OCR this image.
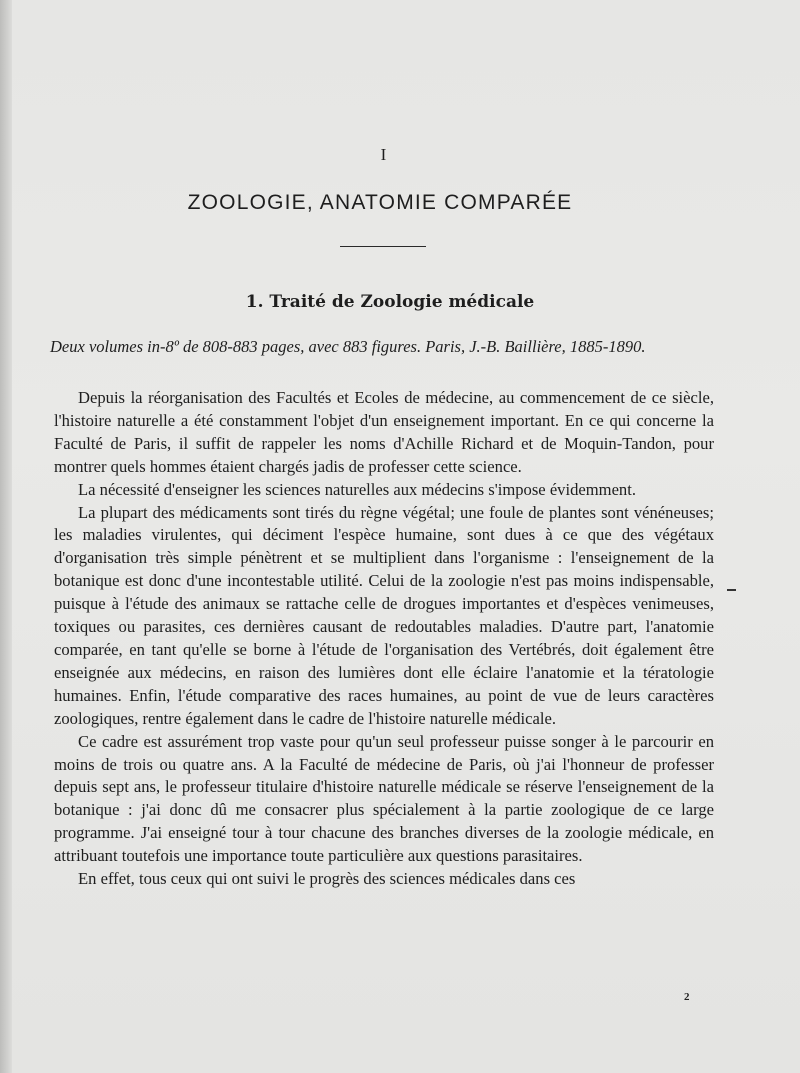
I
ZOOLOGIE, ANATOMIE COMPARÉE
1. Traité de Zoologie médicale
Deux volumes in-8º de 808-883 pages, avec 883 figures. Paris, J.-B. Baillière, 1885-1890.

Depuis la réorganisation des Facultés et Ecoles de médecine, au commencement de ce siècle, l'histoire naturelle a été constamment l'objet d'un enseignement important. En ce qui concerne la Faculté de Paris, il suffit de rappeler les noms d'Achille Richard et de Moquin-Tandon, pour montrer quels hommes étaient chargés jadis de professer cette science.

La nécessité d'enseigner les sciences naturelles aux médecins s'impose évidemment.

La plupart des médicaments sont tirés du règne végétal; une foule de plantes sont vénéneuses; les maladies virulentes, qui déciment l'espèce humaine, sont dues à ce que des végétaux d'organisation très simple pénètrent et se multiplient dans l'organisme : l'enseignement de la botanique est donc d'une incontestable utilité. Celui de la zoologie n'est pas moins indispensable, puisque à l'étude des animaux se rattache celle de drogues importantes et d'espèces venimeuses, toxiques ou parasites, ces dernières causant de redoutables maladies. D'autre part, l'anatomie comparée, en tant qu'elle se borne à l'étude de l'organisation des Vertébrés, doit également être enseignée aux médecins, en raison des lumières dont elle éclaire l'anatomie et la tératologie humaines. Enfin, l'étude comparative des races humaines, au point de vue de leurs caractères zoologiques, rentre également dans le cadre de l'histoire naturelle médicale.

Ce cadre est assurément trop vaste pour qu'un seul professeur puisse songer à le parcourir en moins de trois ou quatre ans. A la Faculté de médecine de Paris, où j'ai l'honneur de professer depuis sept ans, le professeur titulaire d'histoire naturelle médicale se réserve l'enseignement de la botanique : j'ai donc dû me consacrer plus spécialement à la partie zoologique de ce large programme. J'ai enseigné tour à tour chacune des branches diverses de la zoologie médicale, en attribuant toutefois une importance toute particulière aux questions parasitaires.

En effet, tous ceux qui ont suivi le progrès des sciences médicales dans ces

2
